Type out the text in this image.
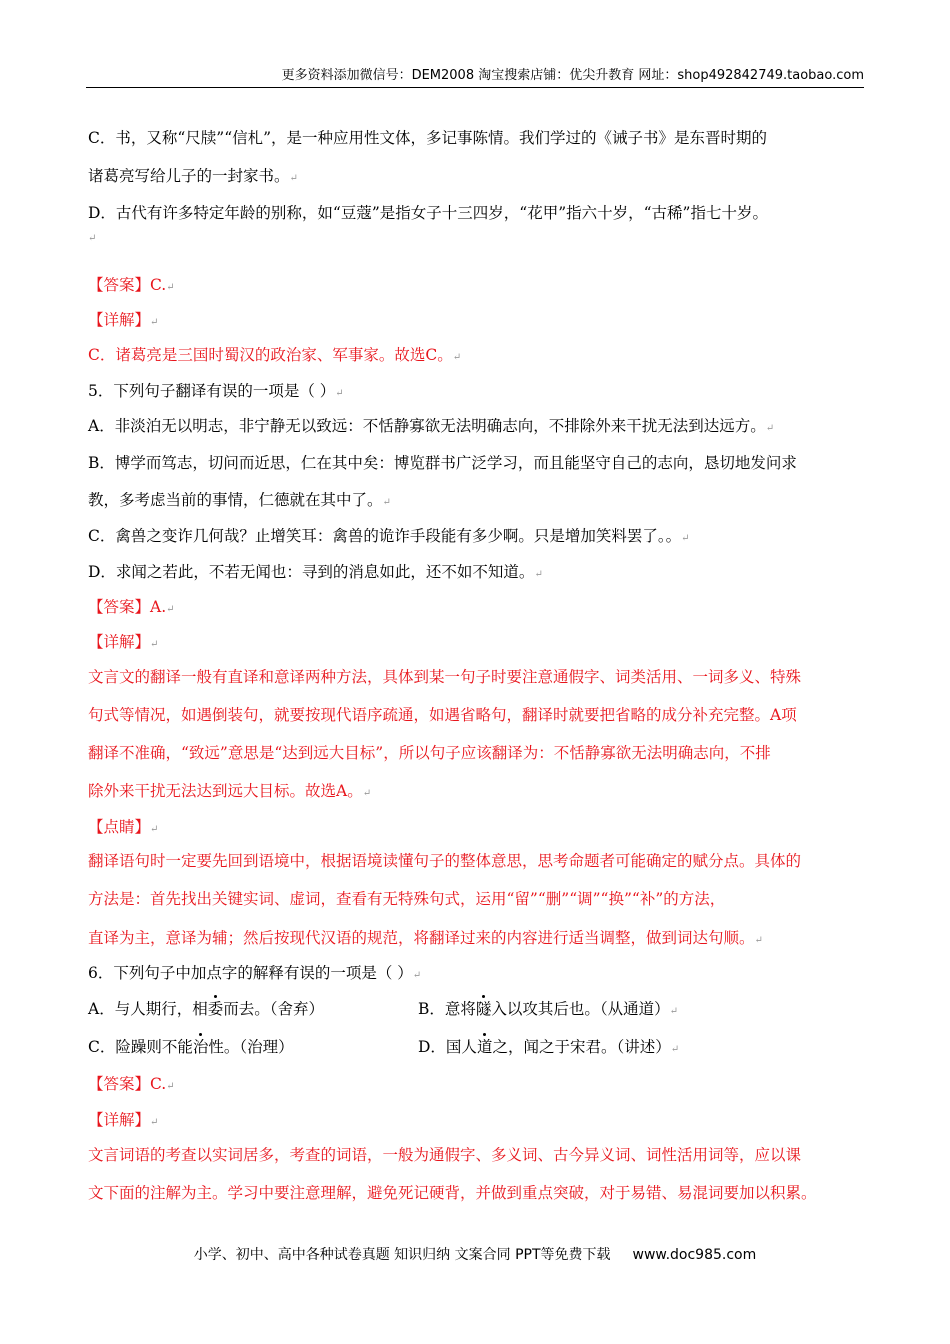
更多资料添加微信号：DEM2008 淘宝搜索店铺：优尖升教育 网址：shop492842749.taobao.com
C．书，又称“尺牍”“信札”，是一种应用性文体，多记事陈情。我们学过的《诫子书》是东晋时期的
诸葛亮写给儿子的一封家书。↵
D．古代有许多特定年龄的别称，如“豆蔻”是指女子十三四岁，“花甲”指六十岁，“古稀”指七十岁。
↵
【答案】C.↵
【详解】↵
C．诸葛亮是三国时蜀汉的政治家、军事家。故选C。↵
5．下列句子翻译有误的一项是（ ）↵
A．非淡泊无以明志，非宁静无以致远：不恬静寡欲无法明确志向，不排除外来干扰无法到达远方。↵
B．博学而笃志，切问而近思，仁在其中矣：博览群书广泛学习，而且能坚守自己的志向，恳切地发问求
教，多考虑当前的事情，仁德就在其中了。↵
C．禽兽之变诈几何哉？止增笑耳：禽兽的诡诈手段能有多少啊。只是增加笑料罢了。。↵
D．求闻之若此，不若无闻也：寻到的消息如此，还不如不知道。↵
【答案】A.↵
【详解】↵
文言文的翻译一般有直译和意译两种方法，具体到某一句子时要注意通假字、词类活用、一词多义、特殊
句式等情况，如遇倒装句，就要按现代语序疏通，如遇省略句，翻译时就要把省略的成分补充完整。A项
翻译不准确，“致远”意思是“达到远大目标”，所以句子应该翻译为：不恬静寡欲无法明确志向，不排
除外来干扰无法达到远大目标。故选A。↵
【点睛】↵
翻译语句时一定要先回到语境中，根据语境读懂句子的整体意思，思考命题者可能确定的赋分点。具体的
方法是：首先找出关键实词、虚词，查看有无特殊句式，运用“留”“删”“调”“换”“补”的方法，
直译为主，意译为辅；然后按现代汉语的规范，将翻译过来的内容进行适当调整，做到词达句顺。↵
6．下列句子中加点字的解释有误的一项是（ ）↵
A．与人期行，相委而去。（舍弃）	B．意将隧入以攻其后也。（从通道）↵
C．险躁则不能治性。（治理）	D．国人道之，闻之于宋君。（讲述）↵
【答案】C.↵
【详解】↵
文言词语的考查以实词居多，考查的词语，一般为通假字、多义词、古今异义词、词性活用词等，应以课
文下面的注解为主。学习中要注意理解，避免死记硬背，并做到重点突破，对于易错、易混词要加以积累。
小学、初中、高中各种试卷真题 知识归纳 文案合同 PPT等免费下载 www.doc985.com
